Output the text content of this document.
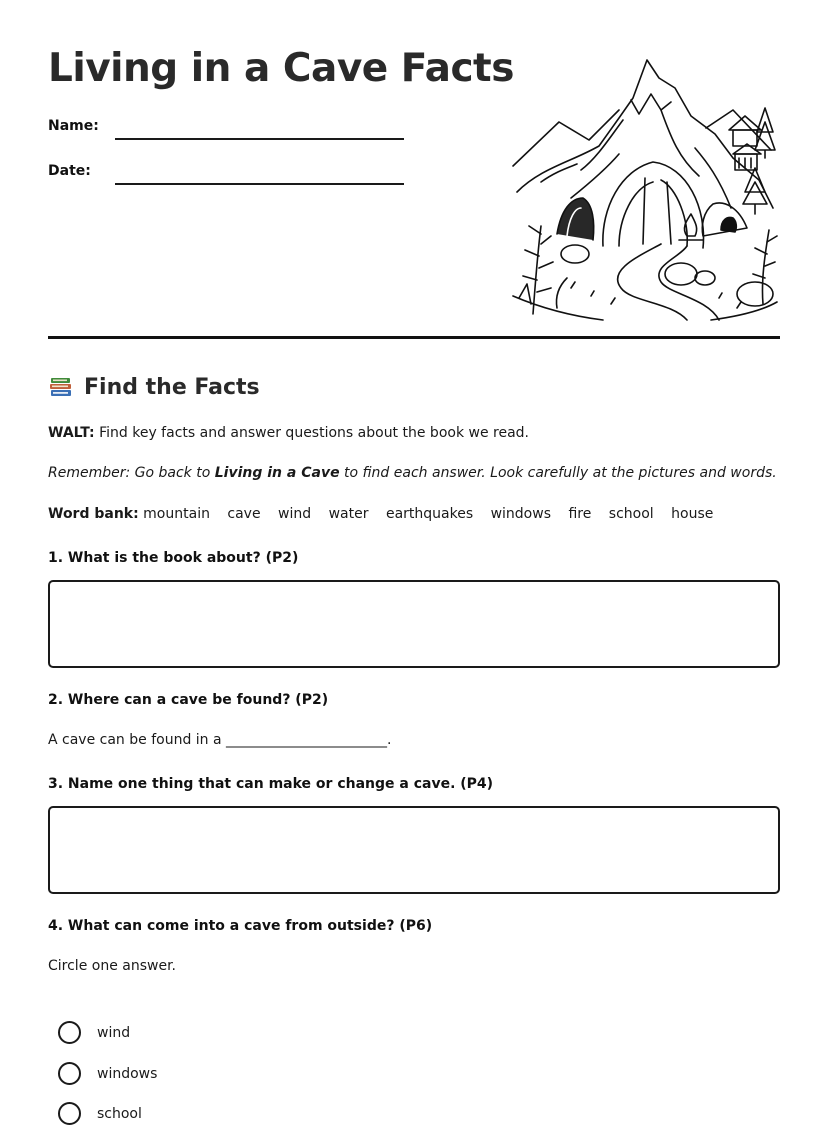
Living in a Cave Facts
Name:
Date:
Find the Facts
WALT: Find key facts and answer questions about the book we read.
Remember: Go back to Living in a Cave to find each answer. Look carefully at the pictures and words.
Word bank: mountain cave wind water earthquakes windows fire school house
1. What is the book about? (P2)
2. Where can a cave be found? (P2)
A cave can be found in a _______________________.
3. Name one thing that can make or change a cave. (P4)
4. What can come into a cave from outside? (P6)
Circle one answer.
wind
windows
school
